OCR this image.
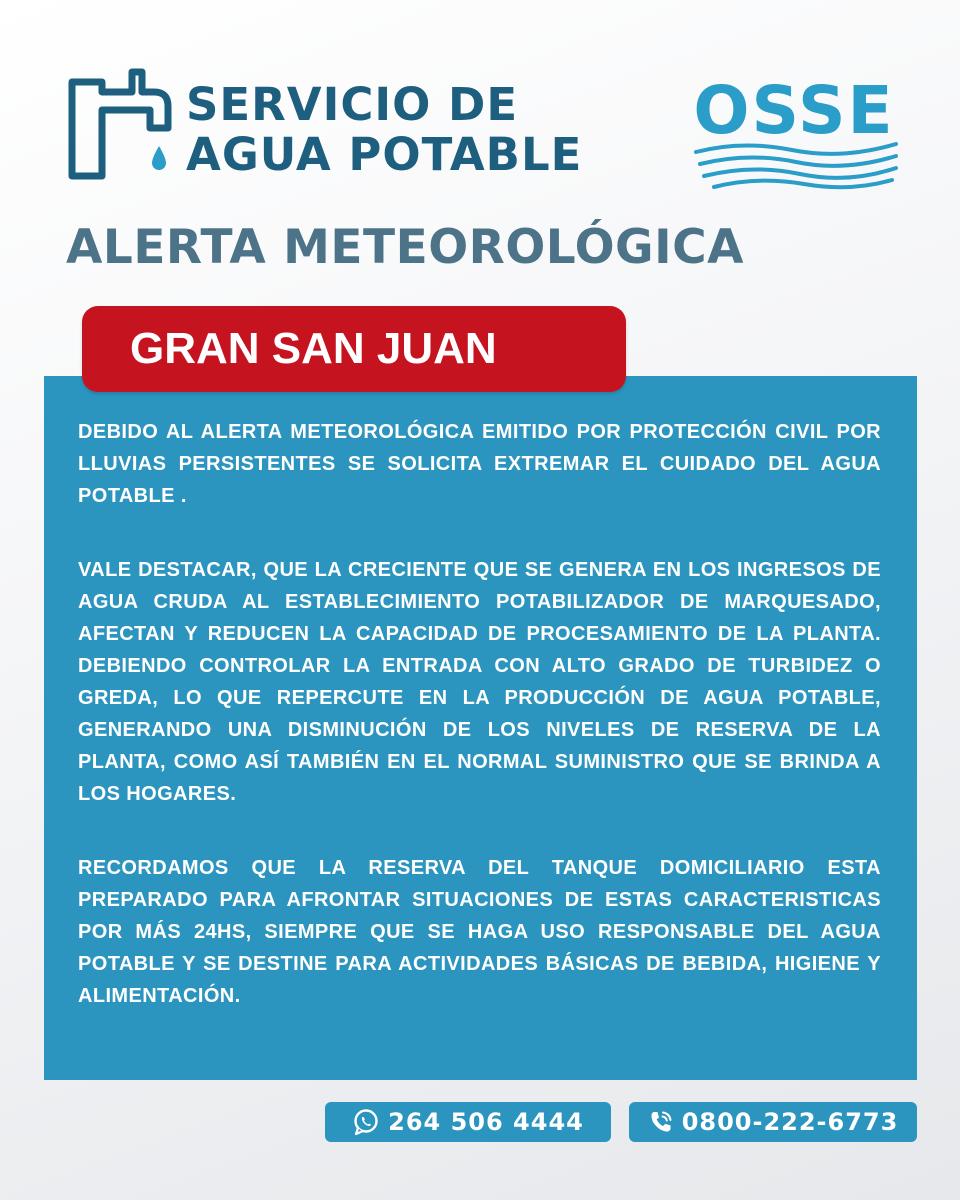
SERVICIO DE
AGUA POTABLE
OSSE
ALERTA METEOROLÓGICA
GRAN SAN JUAN

DEBIDO AL ALERTA METEOROLÓGICA EMITIDO POR PROTECCIÓN CIVIL POR LLUVIAS PERSISTENTES SE SOLICITA EXTREMAR EL CUIDADO DEL AGUA POTABLE .

VALE DESTACAR, QUE LA CRECIENTE QUE SE GENERA EN LOS INGRESOS DE AGUA CRUDA AL ESTABLECIMIENTO POTABILIZADOR DE MARQUESADO, AFECTAN Y REDUCEN LA CAPACIDAD DE PROCESAMIENTO DE LA PLANTA. DEBIENDO CONTROLAR LA ENTRADA CON ALTO GRADO DE TURBIDEZ O GREDA, LO QUE REPERCUTE EN LA PRODUCCIÓN DE AGUA POTABLE, GENERANDO UNA DISMINUCIÓN DE LOS NIVELES DE RESERVA DE LA PLANTA, COMO ASÍ TAMBIÉN EN EL NORMAL SUMINISTRO QUE SE BRINDA A LOS HOGARES.

RECORDAMOS QUE LA RESERVA DEL TANQUE DOMICILIARIO ESTA PREPARADO PARA AFRONTAR SITUACIONES DE ESTAS CARACTERISTICAS POR MÁS 24HS, SIEMPRE QUE SE HAGA USO RESPONSABLE DEL AGUA POTABLE Y SE DESTINE PARA ACTIVIDADES BÁSICAS DE BEBIDA, HIGIENE Y ALIMENTACIÓN.

264 506 4444	0800-222-6773
